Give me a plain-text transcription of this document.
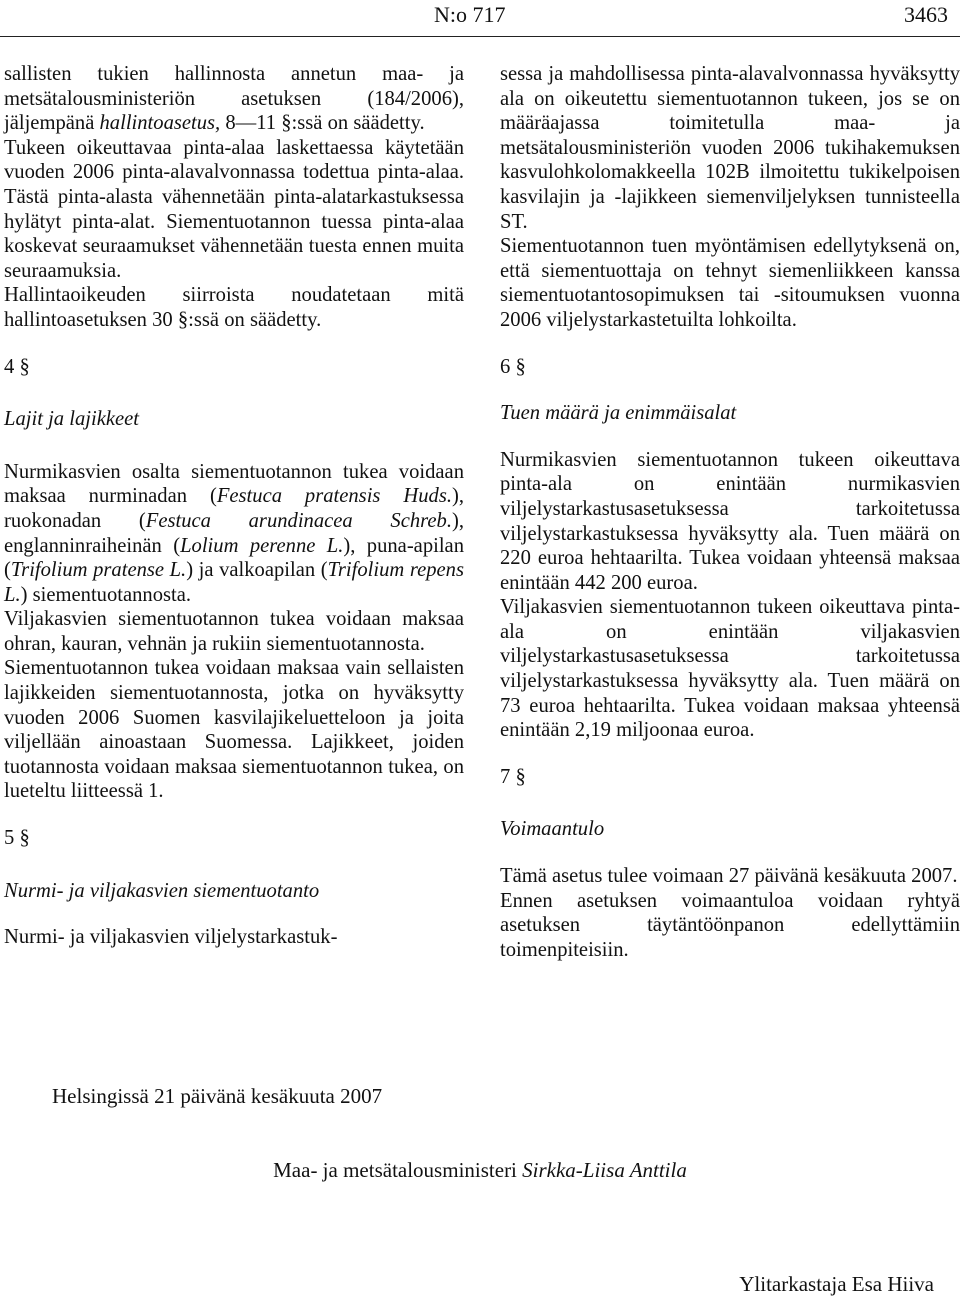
N:o 717	3463

sallisten tukien hallinnosta annetun maa- ja metsätalousministeriön asetuksen (184/2006), jäljempänä hallintoasetus, 8—11 §:ssä on säädetty.

Tukeen oikeuttavaa pinta-alaa laskettaessa käytetään vuoden 2006 pinta-alavalvonnassa todettua pinta-alaa. Tästä pinta-alasta vähennetään pinta-alatarkastuksessa hylätyt pinta-alat. Siementuotannon tuessa pinta-alaa koskevat seuraamukset vähennetään tuesta ennen muita seuraamuksia.

Hallintaoikeuden siirroista noudatetaan mitä hallintoasetuksen 30 §:ssä on säädetty.

4 §

Lajit ja lajikkeet

Nurmikasvien osalta siementuotannon tukea voidaan maksaa nurminadan (Festuca pratensis Huds.), ruokonadan (Festuca arundinacea Schreb.), englanninraiheinän (Lolium perenne L.), puna-apilan (Trifolium pratense L.) ja valkoapilan (Trifolium repens L.) siementuotannosta.

Viljakasvien siementuotannon tukea voidaan maksaa ohran, kauran, vehnän ja rukiin siementuotannosta.

Siementuotannon tukea voidaan maksaa vain sellaisten lajikkeiden siementuotannosta, jotka on hyväksytty vuoden 2006 Suomen kasvilajikeluetteloon ja joita viljellään ainoastaan Suomessa. Lajikkeet, joiden tuotannosta voidaan maksaa siementuotannon tukea, on lueteltu liitteessä 1.

5 §

Nurmi- ja viljakasvien siementuotanto

Nurmi- ja viljakasvien viljelystarkastuk-

sessa ja mahdollisessa pinta-alavalvonnassa hyväksytty ala on oikeutettu siementuotannon tukeen, jos se on määräajassa toimitetulla maa- ja metsätalousministeriön vuoden 2006 tukihakemuksen kasvulohkolomakkeella 102B ilmoitettu tukikelpoisen kasvilajin ja -lajikkeen siemenviljelyksen tunnisteella ST.

Siementuotannon tuen myöntämisen edellytyksenä on, että siementuottaja on tehnyt siemenliikkeen kanssa siementuotantosopimuksen tai -sitoumuksen vuonna 2006 viljelystarkastetuilta lohkoilta.

6 §

Tuen määrä ja enimmäisalat

Nurmikasvien siementuotannon tukeen oikeuttava pinta-ala on enintään nurmikasvien viljelystarkastusasetuksessa tarkoitetussa viljelystarkastuksessa hyväksytty ala. Tuen määrä on 220 euroa hehtaarilta. Tukea voidaan yhteensä maksaa enintään 442 200 euroa.

Viljakasvien siementuotannon tukeen oikeuttava pinta-ala on enintään viljakasvien viljelystarkastusasetuksessa tarkoitetussa viljelystarkastuksessa hyväksytty ala. Tuen määrä on 73 euroa hehtaarilta. Tukea voidaan maksaa yhteensä enintään 2,19 miljoonaa euroa.

7 §

Voimaantulo

Tämä asetus tulee voimaan 27 päivänä kesäkuuta 2007.

Ennen asetuksen voimaantuloa voidaan ryhtyä asetuksen täytäntöönpanon edellyttämiin toimenpiteisiin.

Helsingissä 21 päivänä kesäkuuta 2007
Maa- ja metsätalousministeri Sirkka-Liisa Anttila
Ylitarkastaja Esa Hiiva
